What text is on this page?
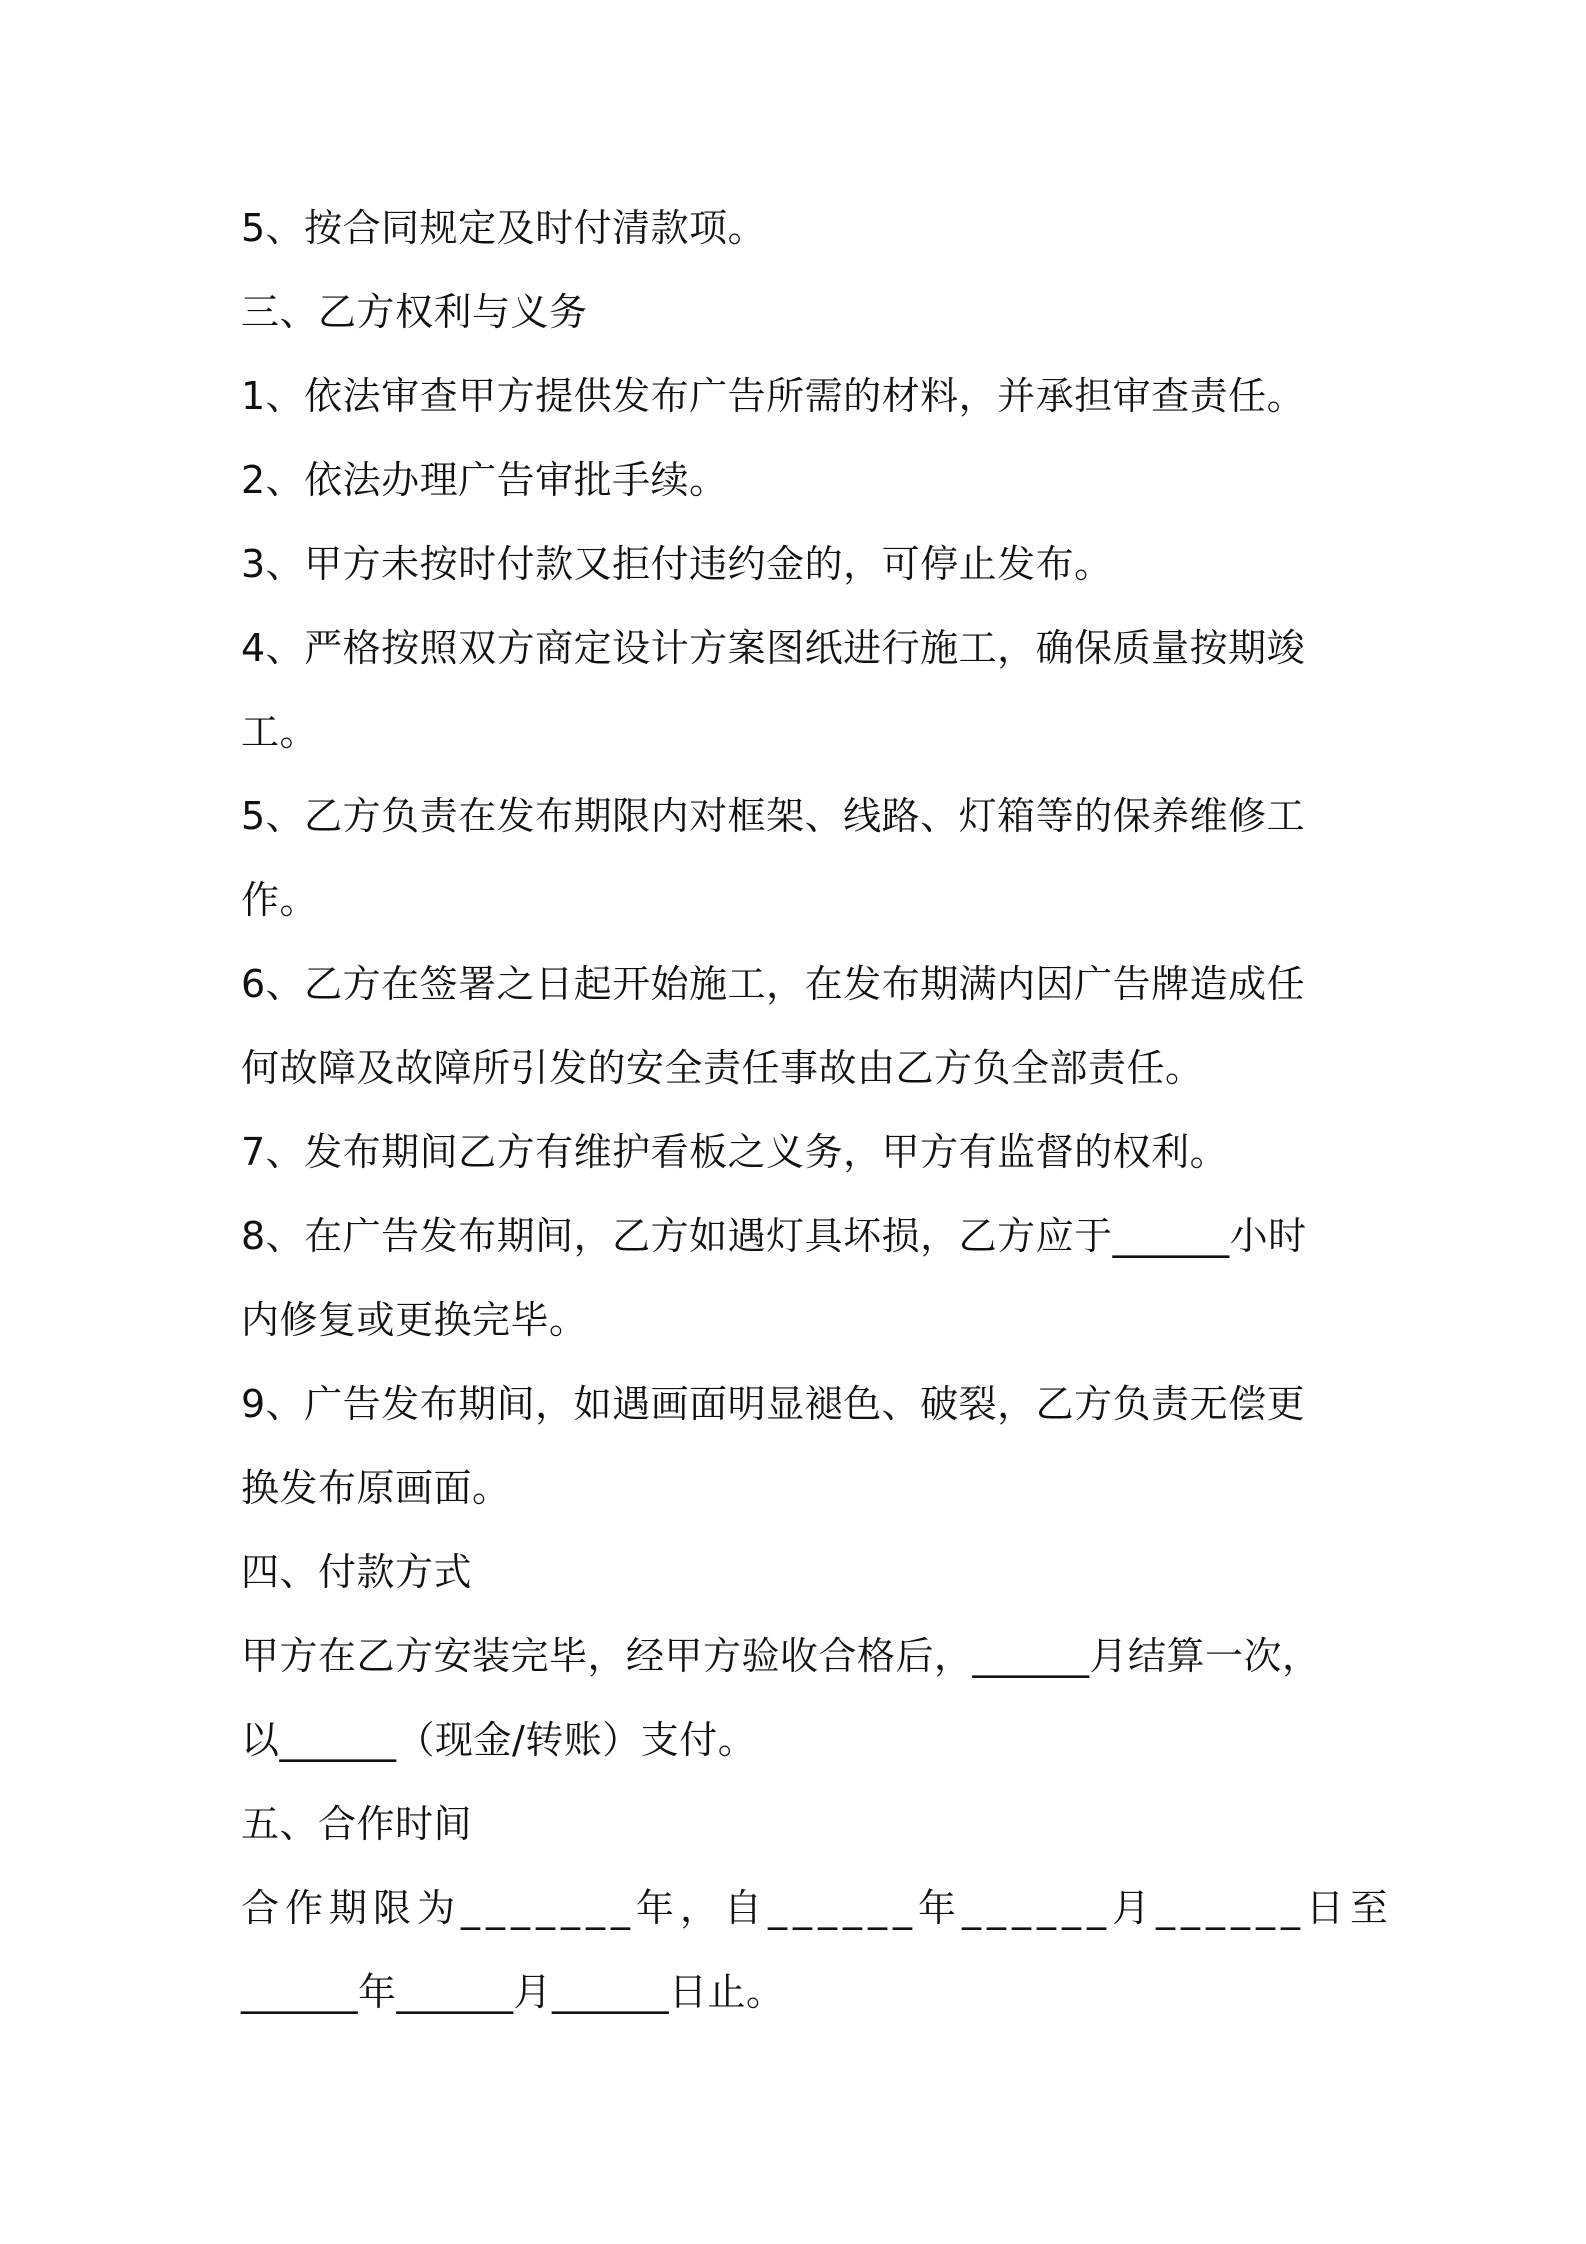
5、按合同规定及时付清款项。
三、乙方权利与义务
1、依法审查甲方提供发布广告所需的材料，并承担审查责任。
2、依法办理广告审批手续。
3、甲方未按时付款又拒付违约金的，可停止发布。
4、严格按照双方商定设计方案图纸进行施工，确保质量按期竣
工。
5、乙方负责在发布期限内对框架、线路、灯箱等的保养维修工
作。
6、乙方在签署之日起开始施工，在发布期满内因广告牌造成任
何故障及故障所引发的安全责任事故由乙方负全部责任。
7、发布期间乙方有维护看板之义务，甲方有监督的权利。
8、在广告发布期间，乙方如遇灯具坏损，乙方应于______小时
内修复或更换完毕。
9、广告发布期间，如遇画面明显褪色、破裂，乙方负责无偿更
换发布原画面。
四、付款方式
甲方在乙方安装完毕，经甲方验收合格后，______月结算一次，
以______（现金/转账）支付。
五、合作时间
合作期限为_______年，自______年______月______日至
______年______月______日止。
